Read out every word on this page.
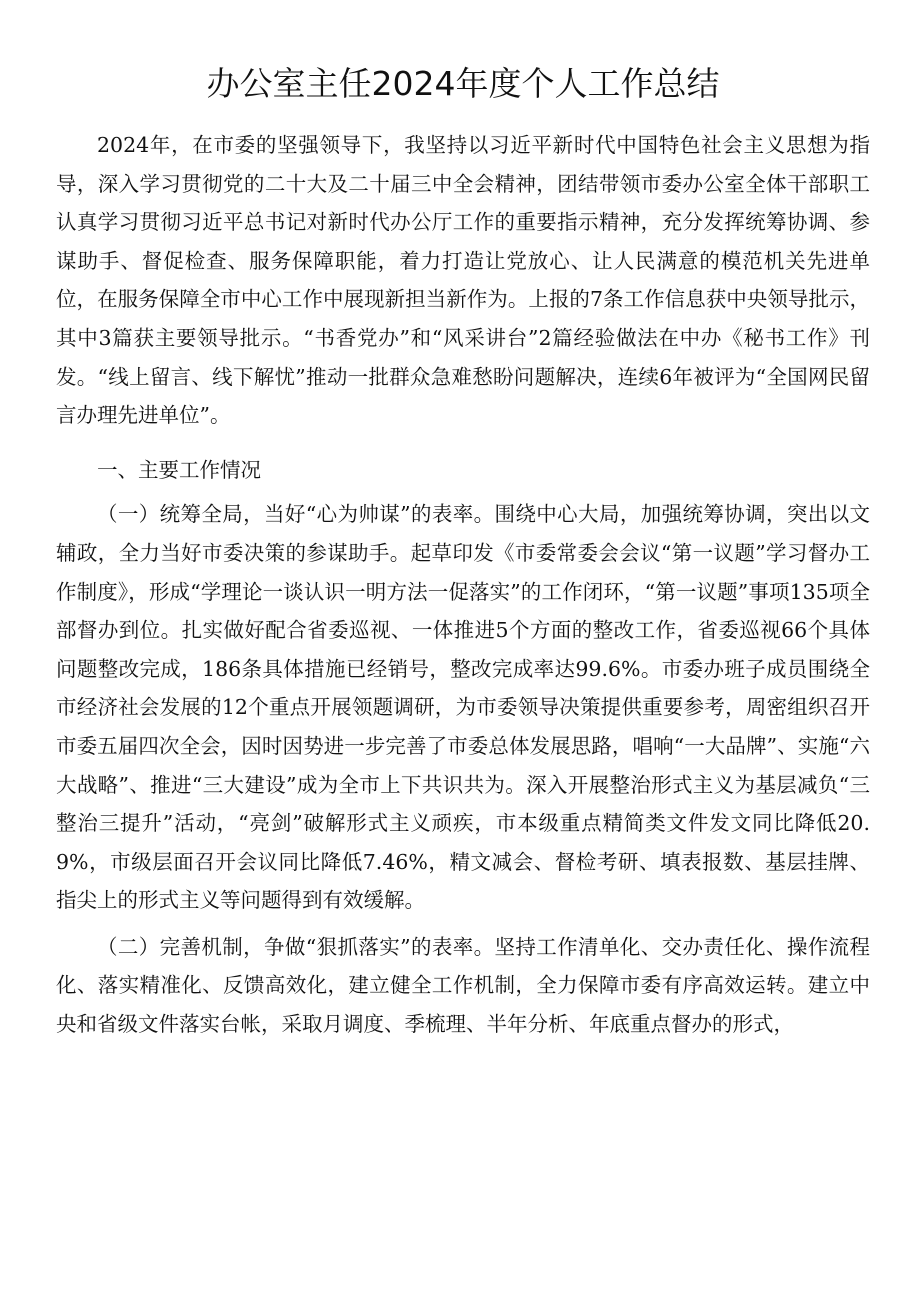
办公室主任2024年度个人工作总结

2024年，在市委的坚强领导下，我坚持以习近平新时代中国特色社会主义思想为指导，深入学习贯彻党的二十大及二十届三中全会精神，团结带领市委办公室全体干部职工认真学习贯彻习近平总书记对新时代办公厅工作的重要指示精神，充分发挥统筹协调、参谋助手、督促检查、服务保障职能，着力打造让党放心、让人民满意的模范机关先进单位，在服务保障全市中心工作中展现新担当新作为。上报的7条工作信息获中央领导批示，其中3篇获主要领导批示。“书香党办”和“风采讲台”2篇经验做法在中办《秘书工作》刊发。“线上留言、线下解忧”推动一批群众急难愁盼问题解决，连续6年被评为“全国网民留言办理先进单位”。

一、主要工作情况

（一）统筹全局，当好“心为帅谋”的表率。围绕中心大局，加强统筹协调，突出以文辅政，全力当好市委决策的参谋助手。起草印发《市委常委会会议“第一议题”学习督办工作制度》，形成“学理论一谈认识一明方法一促落实”的工作闭环，“第一议题”事项135项全部督办到位。扎实做好配合省委巡视、一体推进5个方面的整改工作，省委巡视66个具体问题整改完成，186条具体措施已经销号，整改完成率达99.6%。市委办班子成员围绕全市经济社会发展的12个重点开展领题调研，为市委领导决策提供重要参考，周密组织召开市委五届四次全会，因时因势进一步完善了市委总体发展思路，唱响“一大品牌”、实施“六大战略”、推进“三大建设”成为全市上下共识共为。深入开展整治形式主义为基层减负“三整治三提升”活动，“亮剑”破解形式主义顽疾，市本级重点精简类文件发文同比降低20.9%，市级层面召开会议同比降低7.46%，精文减会、督检考研、填表报数、基层挂牌、指尖上的形式主义等问题得到有效缓解。

（二）完善机制，争做“狠抓落实”的表率。坚持工作清单化、交办责任化、操作流程化、落实精准化、反馈高效化，建立健全工作机制，全力保障市委有序高效运转。建立中央和省级文件落实台帐，采取月调度、季梳理、半年分析、年底重点督办的形式，
